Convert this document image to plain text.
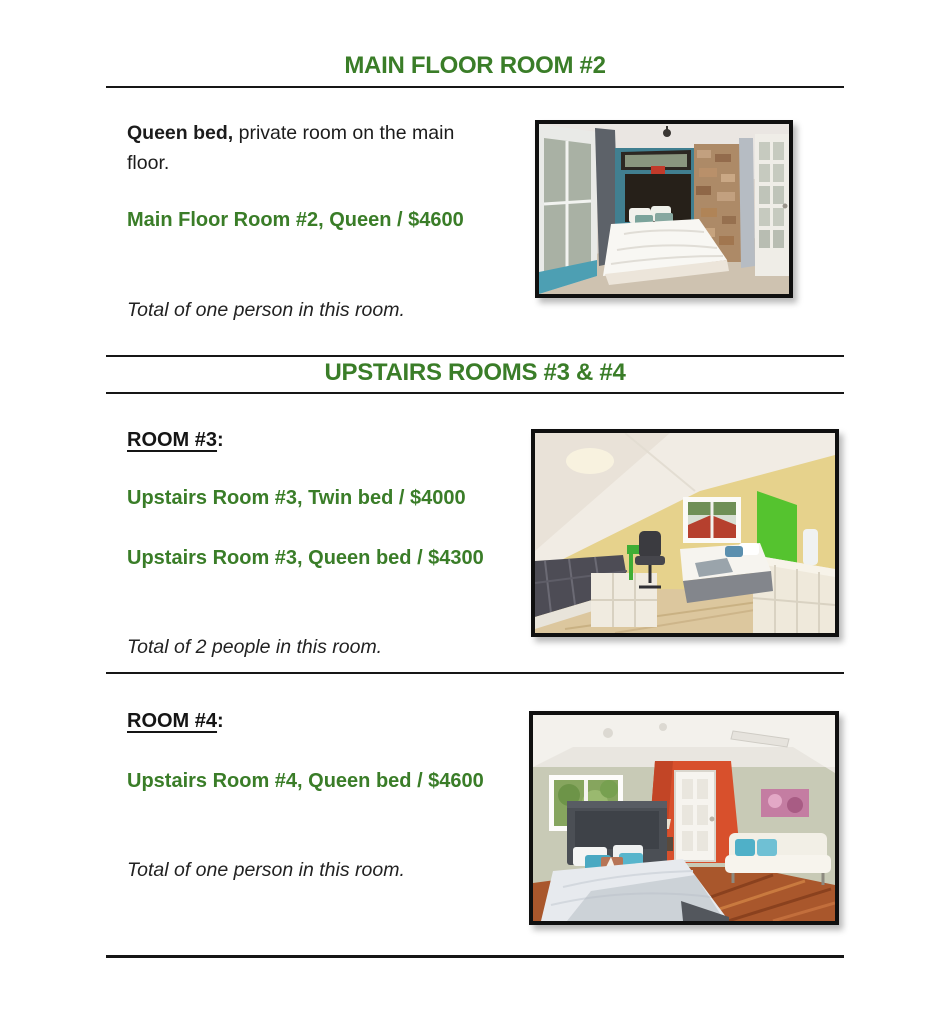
MAIN FLOOR ROOM #2
Queen bed, private room on the main floor.
Main Floor Room #2, Queen / $4600
Total of one person in this room.
UPSTAIRS ROOMS #3 & #4
ROOM #3:
Upstairs Room #3, Twin bed / $4000
Upstairs Room #3, Queen bed / $4300
Total of 2 people in this room.
ROOM #4:
Upstairs Room #4, Queen bed / $4600
Total of one person in this room.
